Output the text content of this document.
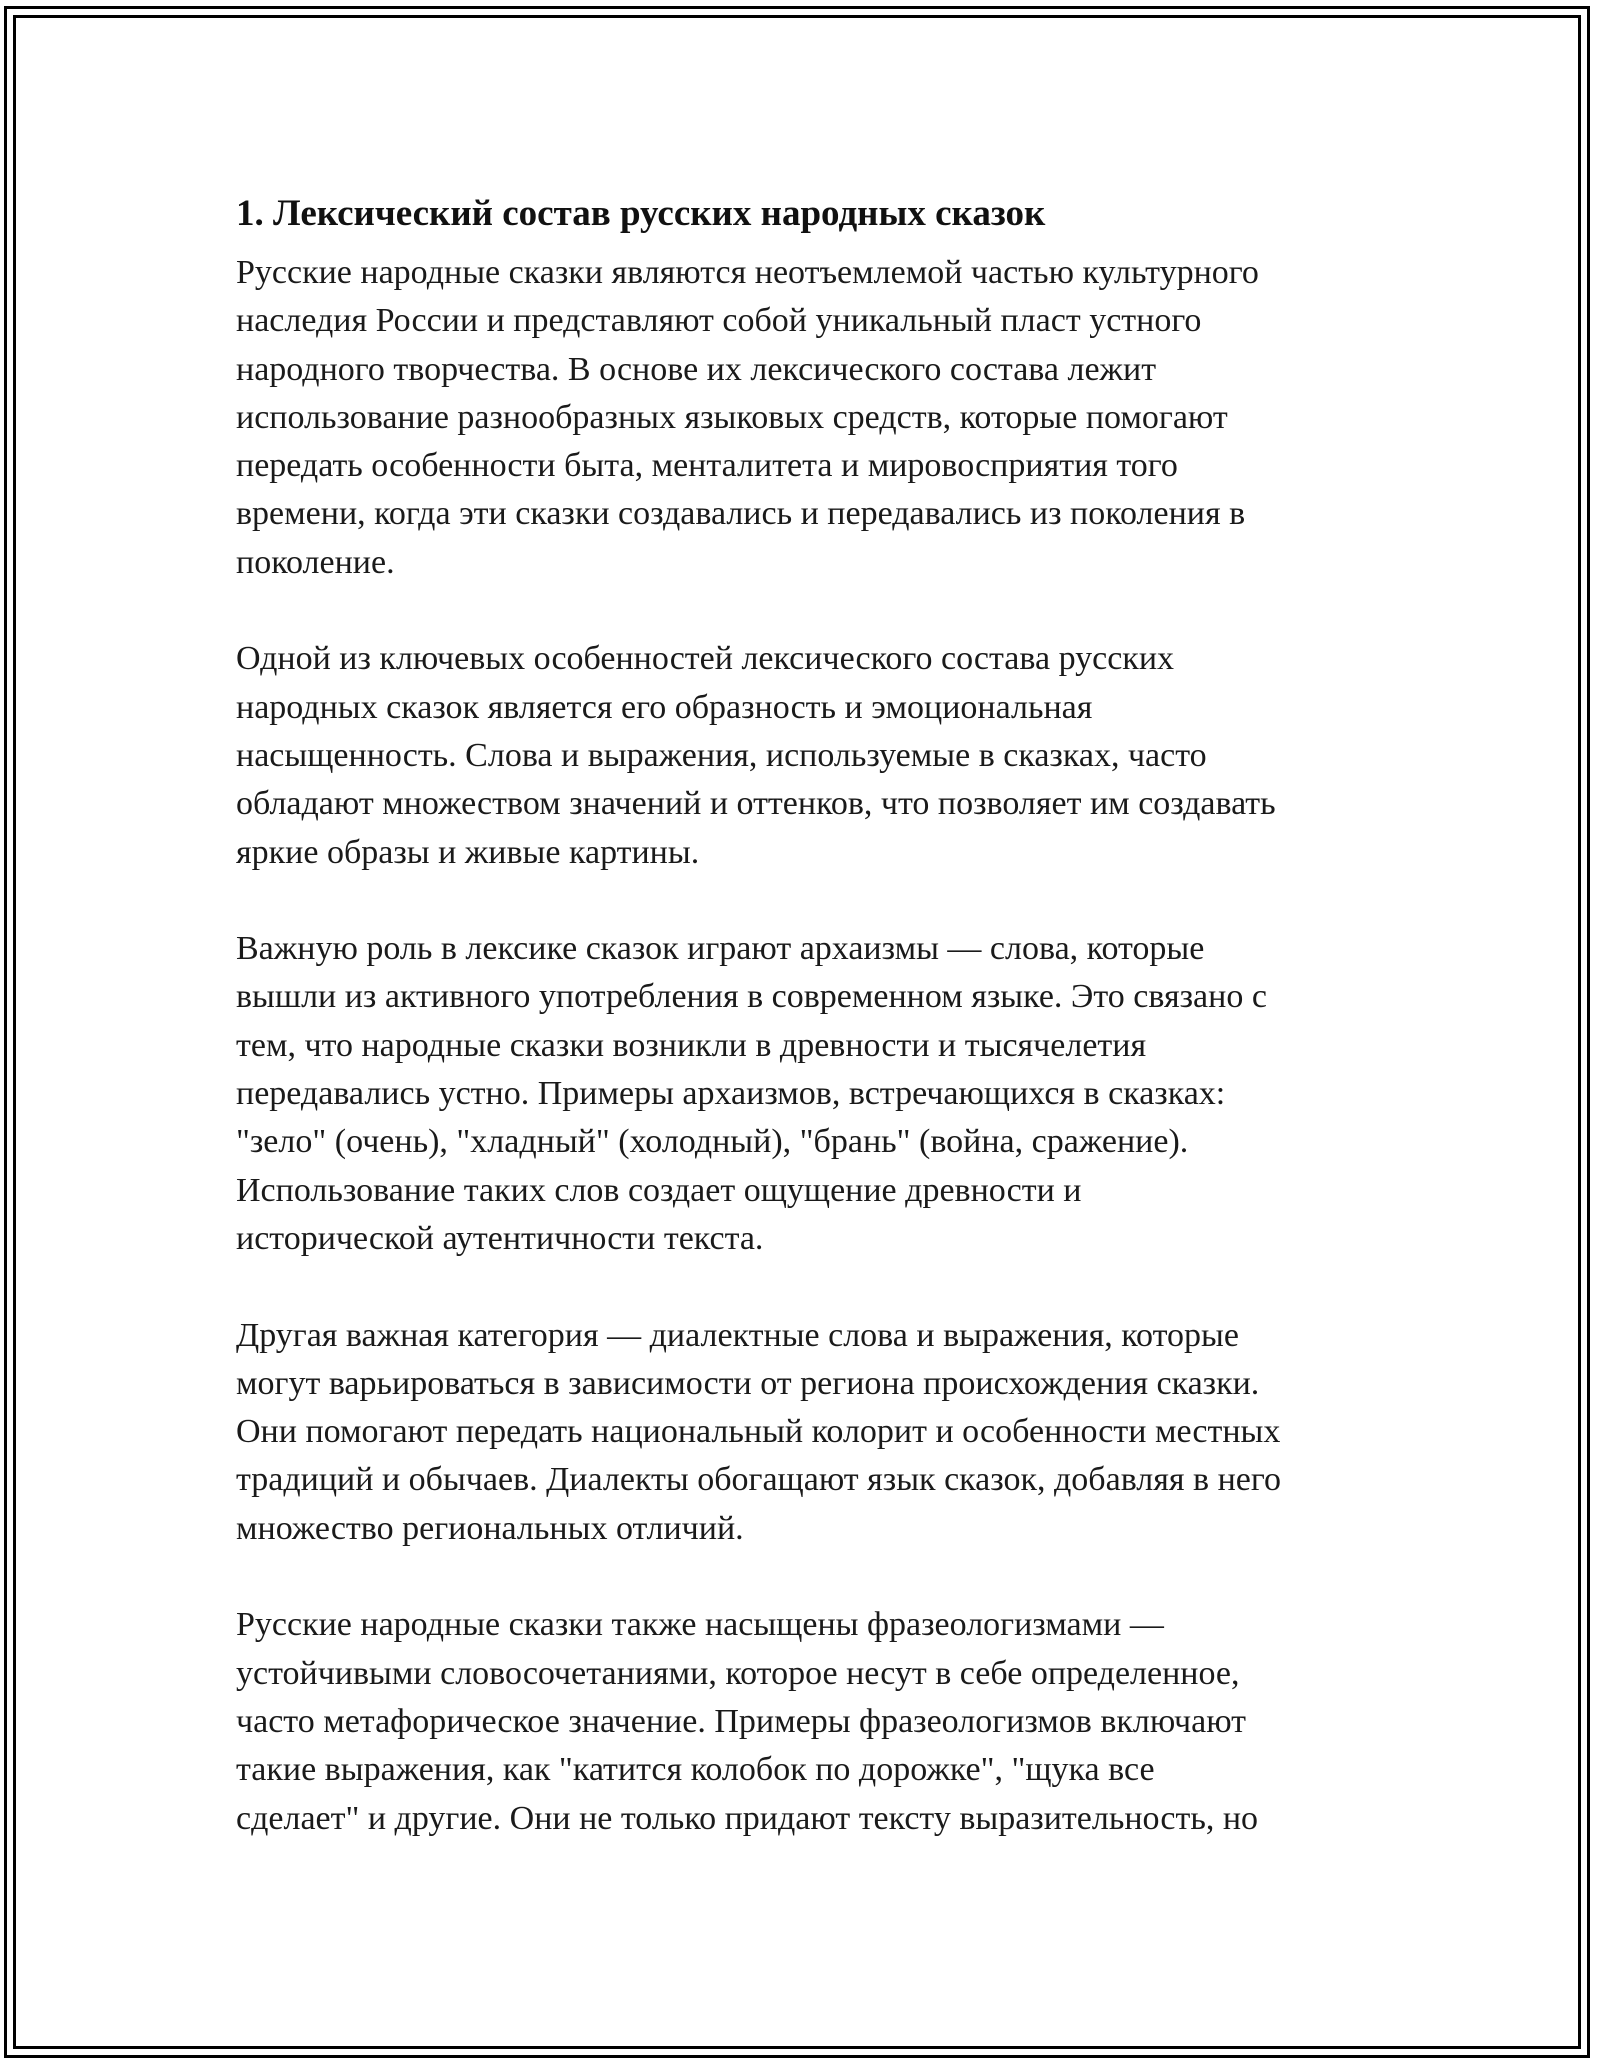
1. Лексический состав русских народных сказок

Русские народные сказки являются неотъемлемой частью культурного
наследия России и представляют собой уникальный пласт устного
народного творчества. В основе их лексического состава лежит
использование разнообразных языковых средств, которые помогают
передать особенности быта, менталитета и мировосприятия того
времени, когда эти сказки создавались и передавались из поколения в
поколение.

Одной из ключевых особенностей лексического состава русских
народных сказок является его образность и эмоциональная
насыщенность. Слова и выражения, используемые в сказках, часто
обладают множеством значений и оттенков, что позволяет им создавать
яркие образы и живые картины.

Важную роль в лексике сказок играют архаизмы — слова, которые
вышли из активного употребления в современном языке. Это связано с
тем, что народные сказки возникли в древности и тысячелетия
передавались устно. Примеры архаизмов, встречающихся в сказках:
"зело" (очень), "хладный" (холодный), "брань" (война, сражение).
Использование таких слов создает ощущение древности и
исторической аутентичности текста.

Другая важная категория — диалектные слова и выражения, которые
могут варьироваться в зависимости от региона происхождения сказки.
Они помогают передать национальный колорит и особенности местных
традиций и обычаев. Диалекты обогащают язык сказок, добавляя в него
множество региональных отличий.

Русские народные сказки также насыщены фразеологизмами —
устойчивыми словосочетаниями, которое несут в себе определенное,
часто метафорическое значение. Примеры фразеологизмов включают
такие выражения, как "катится колобок по дорожке", "щука все
сделает" и другие. Они не только придают тексту выразительность, но
